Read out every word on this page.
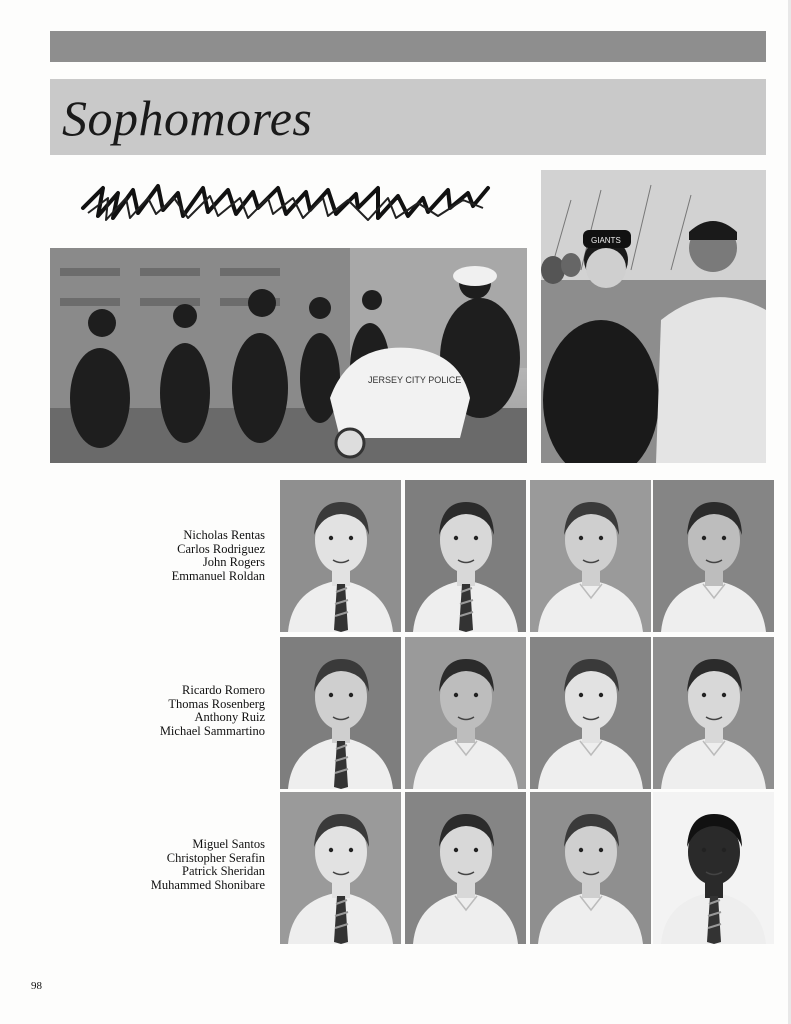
Sophomores
JERSEY CITY POLICE
GIANTS
Nicholas Rentas
Carlos Rodriguez
John Rogers
Emmanuel Roldan
Ricardo Romero
Thomas Rosenberg
Anthony Ruiz
Michael Sammartino
Miguel Santos
Christopher Serafin
Patrick Sheridan
Muhammed Shonibare
98
